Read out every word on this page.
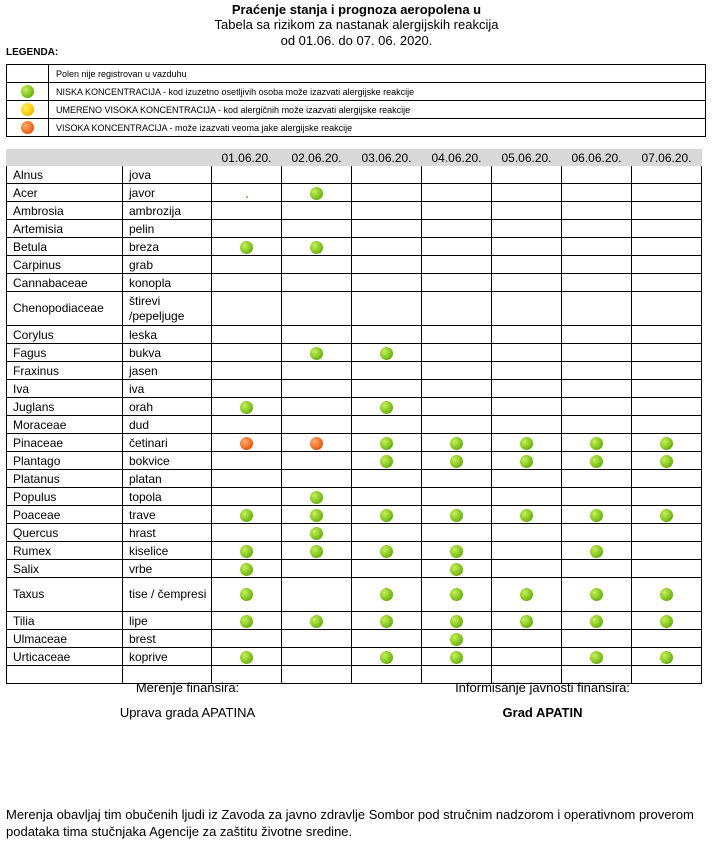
Praćenje stanja i prognoza aeropolena u
Tabela sa rizikom za nastanak alergijskih reakcija
od 01.06. do 07. 06. 2020.
LEGENDA:
	Polen nije registrovan u vazduhu
	NISKA KONCENTRACIJA - kod izuzetno osetljivih osoba može izazvati alergijske reakcije
	UMERENO VISOKA KONCENTRACIJA - kod alergičnih može izazvati alergijske reakcije
	VISOKA KONCENTRACIJA - može izazvati veoma jake alergijske reakcije
		01.06.20.	02.06.20.	03.06.20.	04.06.20.	05.06.20.	06.06.20.	07.06.20.
Alnus	jova							
Acer	javor							
Ambrosia	ambrozija							
Artemisia	pelin							
Betula	breza							
Carpinus	grab							
Cannabaceae	konopla							
Chenopodiaceae	štirevi /pepeljuge							
Corylus	leska							
Fagus	bukva							
Fraxinus	jasen							
Iva	iva							
Juglans	orah							
Moraceae	dud							
Pinaceae	četinari							
Plantago	bokvice							
Platanus	platan							
Populus	topola							
Poaceae	trave							
Quercus	hrast							
Rumex	kiselice							
Salix	vrbe							
Taxus	tise / čempresi							
Tilia	lipe							
Ulmaceae	brest							
Urticaceae	koprive							

Merenje finansira:
Uprava grada APATINA
Informisanje javnosti finansira:
Grad APATIN
Merenja obavljaj tim obučenih ljudi iz Zavoda za javno zdravlje Sombor pod stručnim nadzorom i operativnom proverom podataka tima stučnjaka Agencije za zaštitu životne sredine.
